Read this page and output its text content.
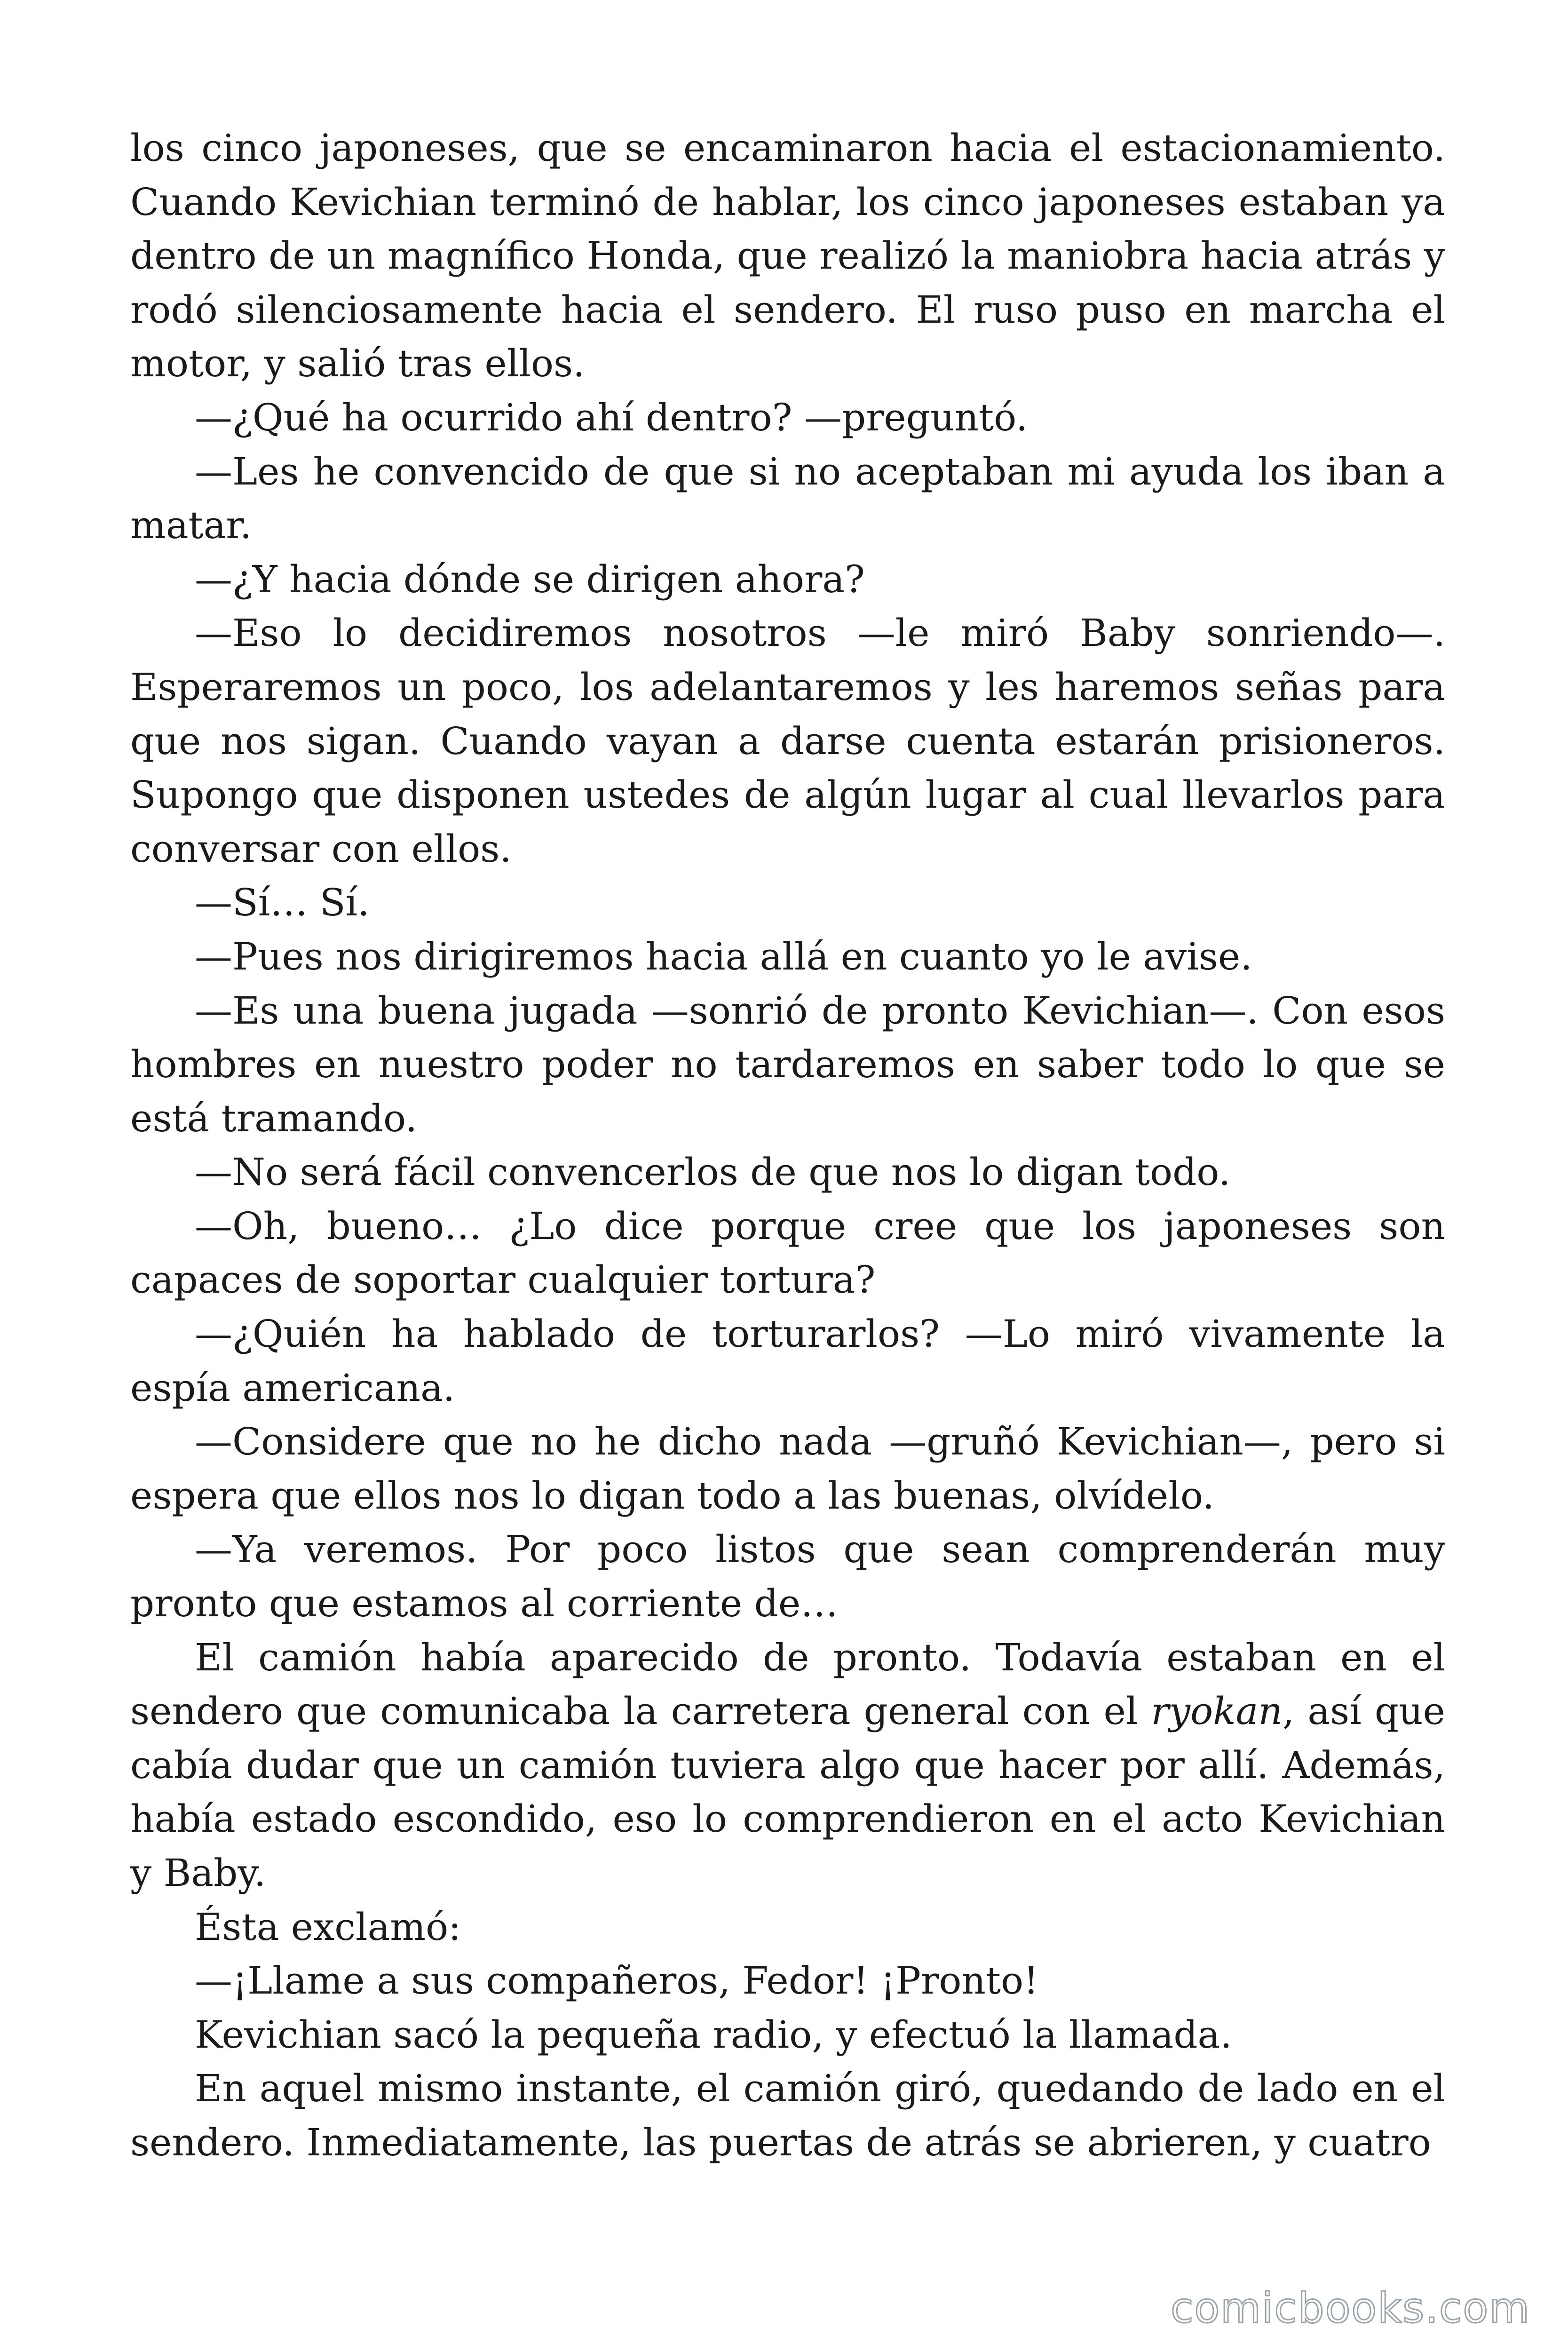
los cinco japoneses, que se encaminaron hacia el estacionamiento. Cuando Kevichian terminó de hablar, los cinco japoneses estaban ya dentro de un magnífico Honda, que realizó la maniobra hacia atrás y rodó silenciosamente hacia el sendero. El ruso puso en marcha el motor, y salió tras ellos.

—¿Qué ha ocurrido ahí dentro? —preguntó.

—Les he convencido de que si no aceptaban mi ayuda los iban a matar.

—¿Y hacia dónde se dirigen ahora?

—Eso lo decidiremos nosotros —le miró Baby sonriendo—. Esperaremos un poco, los adelantaremos y les haremos señas para que nos sigan. Cuando vayan a darse cuenta estarán prisioneros. Supongo que disponen ustedes de algún lugar al cual llevarlos para conversar con ellos.

—Sí… Sí.

—Pues nos dirigiremos hacia allá en cuanto yo le avise.

—Es una buena jugada —sonrió de pronto Kevichian—. Con esos hombres en nuestro poder no tardaremos en saber todo lo que se está tramando.

—No será fácil convencerlos de que nos lo digan todo.

—Oh, bueno… ¿Lo dice porque cree que los japoneses son capaces de soportar cualquier tortura?

—¿Quién ha hablado de torturarlos? —Lo miró vivamente la espía americana.

—Considere que no he dicho nada —gruñó Kevichian—, pero si espera que ellos nos lo digan todo a las buenas, olvídelo.

—Ya veremos. Por poco listos que sean comprenderán muy pronto que estamos al corriente de…

El camión había aparecido de pronto. Todavía estaban en el sendero que comunicaba la carretera general con el ryokan, así que cabía dudar que un camión tuviera algo que hacer por allí. Además, había estado escondido, eso lo comprendieron en el acto Kevichian y Baby.

Ésta exclamó:

—¡Llame a sus compañeros, Fedor! ¡Pronto!

Kevichian sacó la pequeña radio, y efectuó la llamada.

En aquel mismo instante, el camión giró, quedando de lado en el sendero. Inmediatamente, las puertas de atrás se abrieren, y cuatro

comicbooks.com
